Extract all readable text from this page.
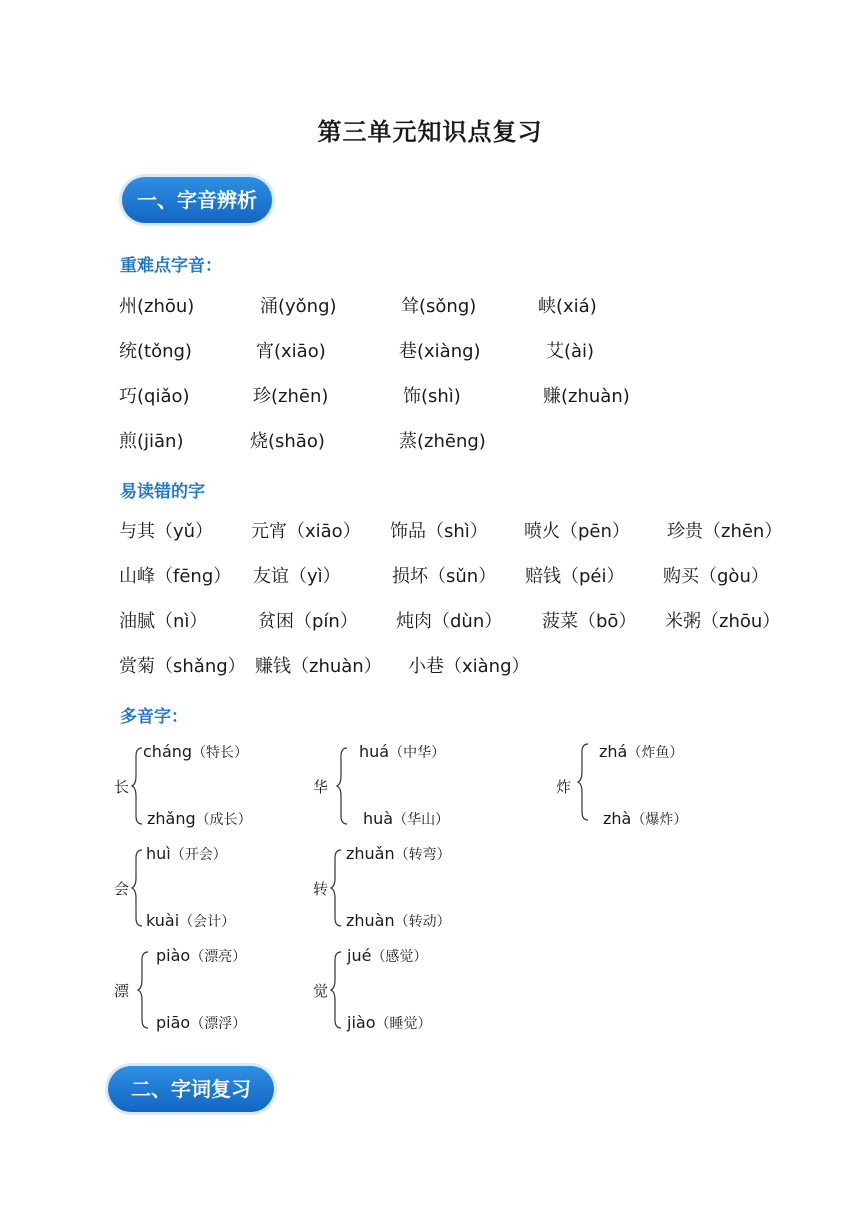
第三单元知识点复习
一、字音辨析
重难点字音：
州(zhōu)	涌(yǒng)	耸(sǒng)	峡(xiá)
统(tǒng)	宵(xiāo)	巷(xiàng)	艾(ài)
巧(qiǎo)	珍(zhēn)	饰(shì)	赚(zhuàn)
煎(jiān)	烧(shāo)	蒸(zhēng)
易读错的字
与其（yǔ） 元宵（xiāo） 饰品（shì） 喷火（pēn） 珍贵（zhēn）
山峰（fēng） 友谊（yì）	损坏（sǔn） 赔钱（péi） 购买（gòu）
油腻（nì）	贫困（pín） 炖肉（dùn） 菠菜（bō） 米粥（zhōu）
赏菊（shǎng） 赚钱（zhuàn） 小巷（xiàng）
多音字：
长
cháng（特长）
zhǎng（成长）
华
huá（中华）
huà（华山）
炸
zhá（炸鱼）
zhà（爆炸）
会
huì（开会）
kuài（会计）
转
zhuǎn（转弯）
zhuàn（转动）
漂
piào（漂亮）
piāo（漂浮）
觉
jué（感觉）
jiào（睡觉）
二、字词复习
